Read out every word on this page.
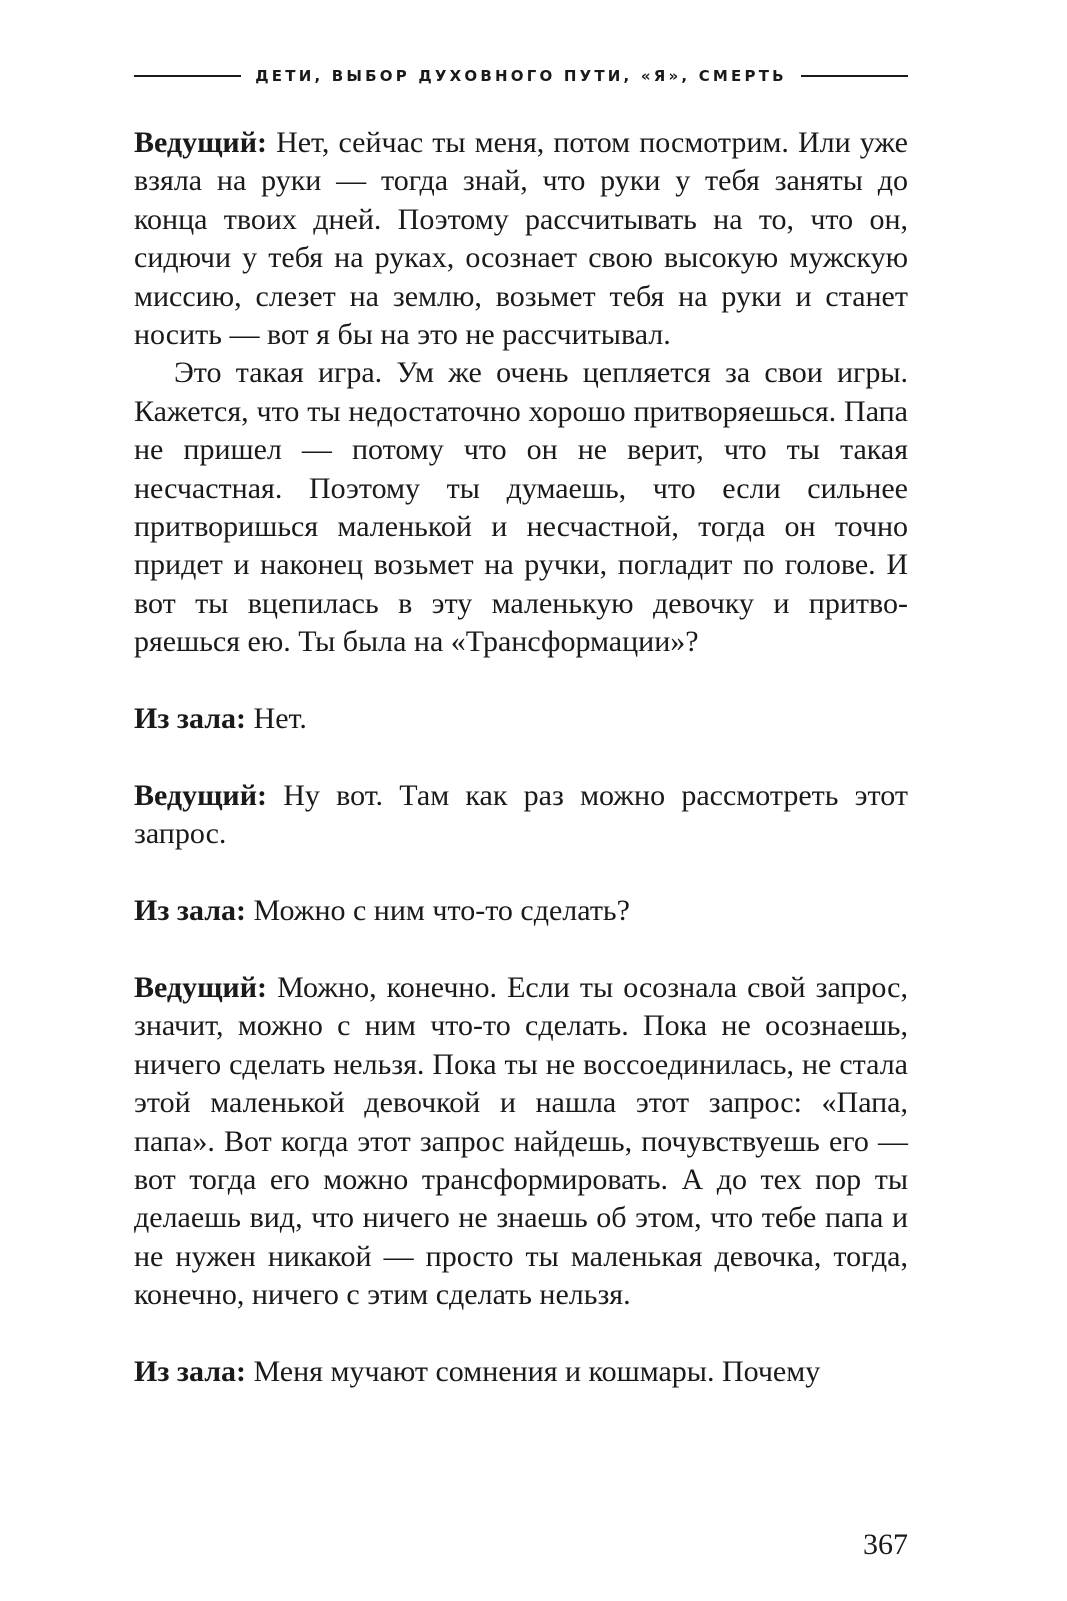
ДЕТИ, ВЫБОР ДУХОВНОГО ПУТИ, «Я», СМЕРТЬ

Ведущий: Нет, сейчас ты меня, потом посмотрим. Или уже взяла на руки — тогда знай, что руки у тебя заняты до конца твоих дней. Поэтому рассчитывать на то, что он, сидючи у тебя на руках, осознает свою высокую мужскую миссию, слезет на землю, возьмет тебя на руки и станет носить — вот я бы на это не рассчитывал.

Это такая игра. Ум же очень цепляется за свои игры. Кажется, что ты недостаточно хорошо притворяешься. Папа не пришел — потому что он не верит, что ты такая несчастная. Поэтому ты думаешь, что если сильнее притворишься маленькой и несчастной, тогда он точно придет и наконец возьмет на ручки, погладит по голове. И вот ты вцепилась в эту маленькую девочку и притворяешься ею. Ты была на «Трансформации»?

Из зала: Нет.

Ведущий: Ну вот. Там как раз можно рассмотреть этот запрос.

Из зала: Можно с ним что-то сделать?

Ведущий: Можно, конечно. Если ты осознала свой запрос, значит, можно с ним что-то сделать. Пока не осознаешь, ничего сделать нельзя. Пока ты не воссоединилась, не стала этой маленькой девочкой и нашла этот запрос: «Папа, папа». Вот когда этот запрос найдешь, почувствуешь его — вот тогда его можно трансформировать. А до тех пор ты делаешь вид, что ничего не знаешь об этом, что тебе папа и не нужен никакой — просто ты маленькая девочка, тогда, конечно, ничего с этим сделать нельзя.

Из зала: Меня мучают сомнения и кошмары. Почему

367
